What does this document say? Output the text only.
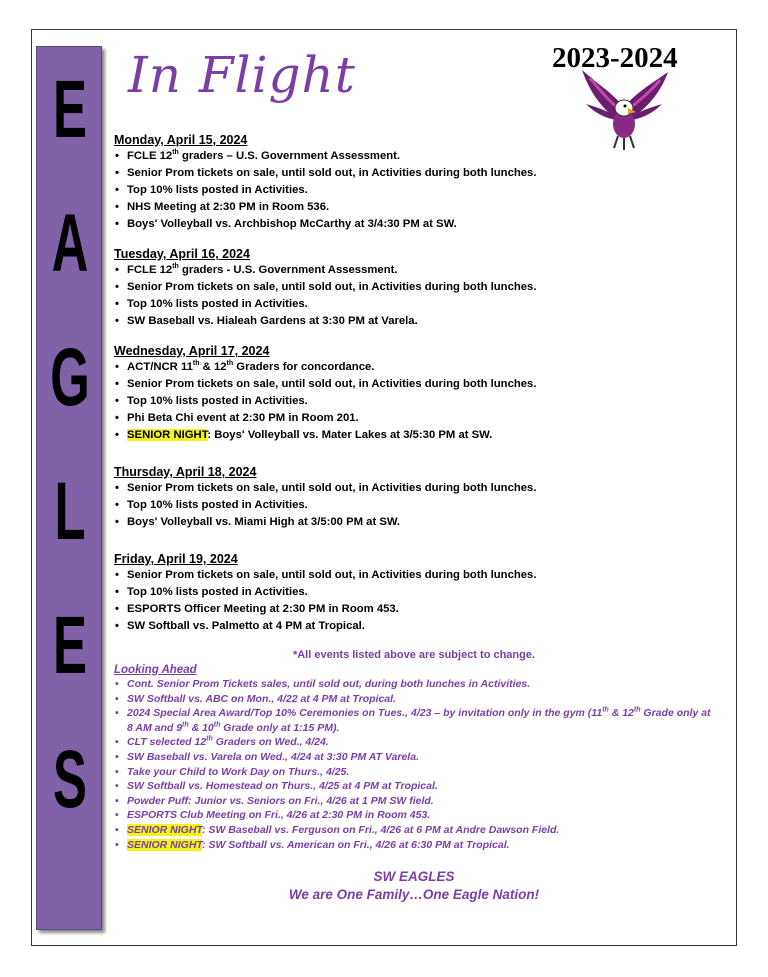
E
A
G
L
E
S
In Flight	2023-2024
Monday, April 15, 2024
• FCLE 12th graders – U.S. Government Assessment.
• Senior Prom tickets on sale, until sold out, in Activities during both lunches.
• Top 10% lists posted in Activities.
• NHS Meeting at 2:30 PM in Room 536.
• Boys' Volleyball vs. Archbishop McCarthy at 3/4:30 PM at SW.
Tuesday, April 16, 2024
• FCLE 12th graders - U.S. Government Assessment.
• Senior Prom tickets on sale, until sold out, in Activities during both lunches.
• Top 10% lists posted in Activities.
• SW Baseball vs. Hialeah Gardens at 3:30 PM at Varela.
Wednesday, April 17, 2024
• ACT/NCR 11th & 12th Graders for concordance.
• Senior Prom tickets on sale, until sold out, in Activities during both lunches.
• Top 10% lists posted in Activities.
• Phi Beta Chi event at 2:30 PM in Room 201.
• SENIOR NIGHT: Boys' Volleyball vs. Mater Lakes at 3/5:30 PM at SW.
Thursday, April 18, 2024
• Senior Prom tickets on sale, until sold out, in Activities during both lunches.
• Top 10% lists posted in Activities.
• Boys' Volleyball vs. Miami High at 3/5:00 PM at SW.
Friday, April 19, 2024
• Senior Prom tickets on sale, until sold out, in Activities during both lunches.
• Top 10% lists posted in Activities.
• ESPORTS Officer Meeting at 2:30 PM in Room 453.
• SW Softball vs. Palmetto at 4 PM at Tropical.
*All events listed above are subject to change.
Looking Ahead
• Cont. Senior Prom Tickets sales, until sold out, during both lunches in Activities.
• SW Softball vs. ABC on Mon., 4/22 at 4 PM at Tropical.
• 2024 Special Area Award/Top 10% Ceremonies on Tues., 4/23 – by invitation only in the gym (11th & 12th Grade only at 8 AM and 9th & 10th Grade only at 1:15 PM).
• CLT selected 12th Graders on Wed., 4/24.
• SW Baseball vs. Varela on Wed., 4/24 at 3:30 PM AT Varela.
• Take your Child to Work Day on Thurs., 4/25.
• SW Softball vs. Homestead on Thurs., 4/25 at 4 PM at Tropical.
• Powder Puff: Junior vs. Seniors on Fri., 4/26 at 1 PM SW field.
• ESPORTS Club Meeting on Fri., 4/26 at 2:30 PM in Room 453.
• SENIOR NIGHT: SW Baseball vs. Ferguson on Fri., 4/26 at 6 PM at Andre Dawson Field.
• SENIOR NIGHT: SW Softball vs. American on Fri., 4/26 at 6:30 PM at Tropical.
SW EAGLES
We are One Family…One Eagle Nation!
